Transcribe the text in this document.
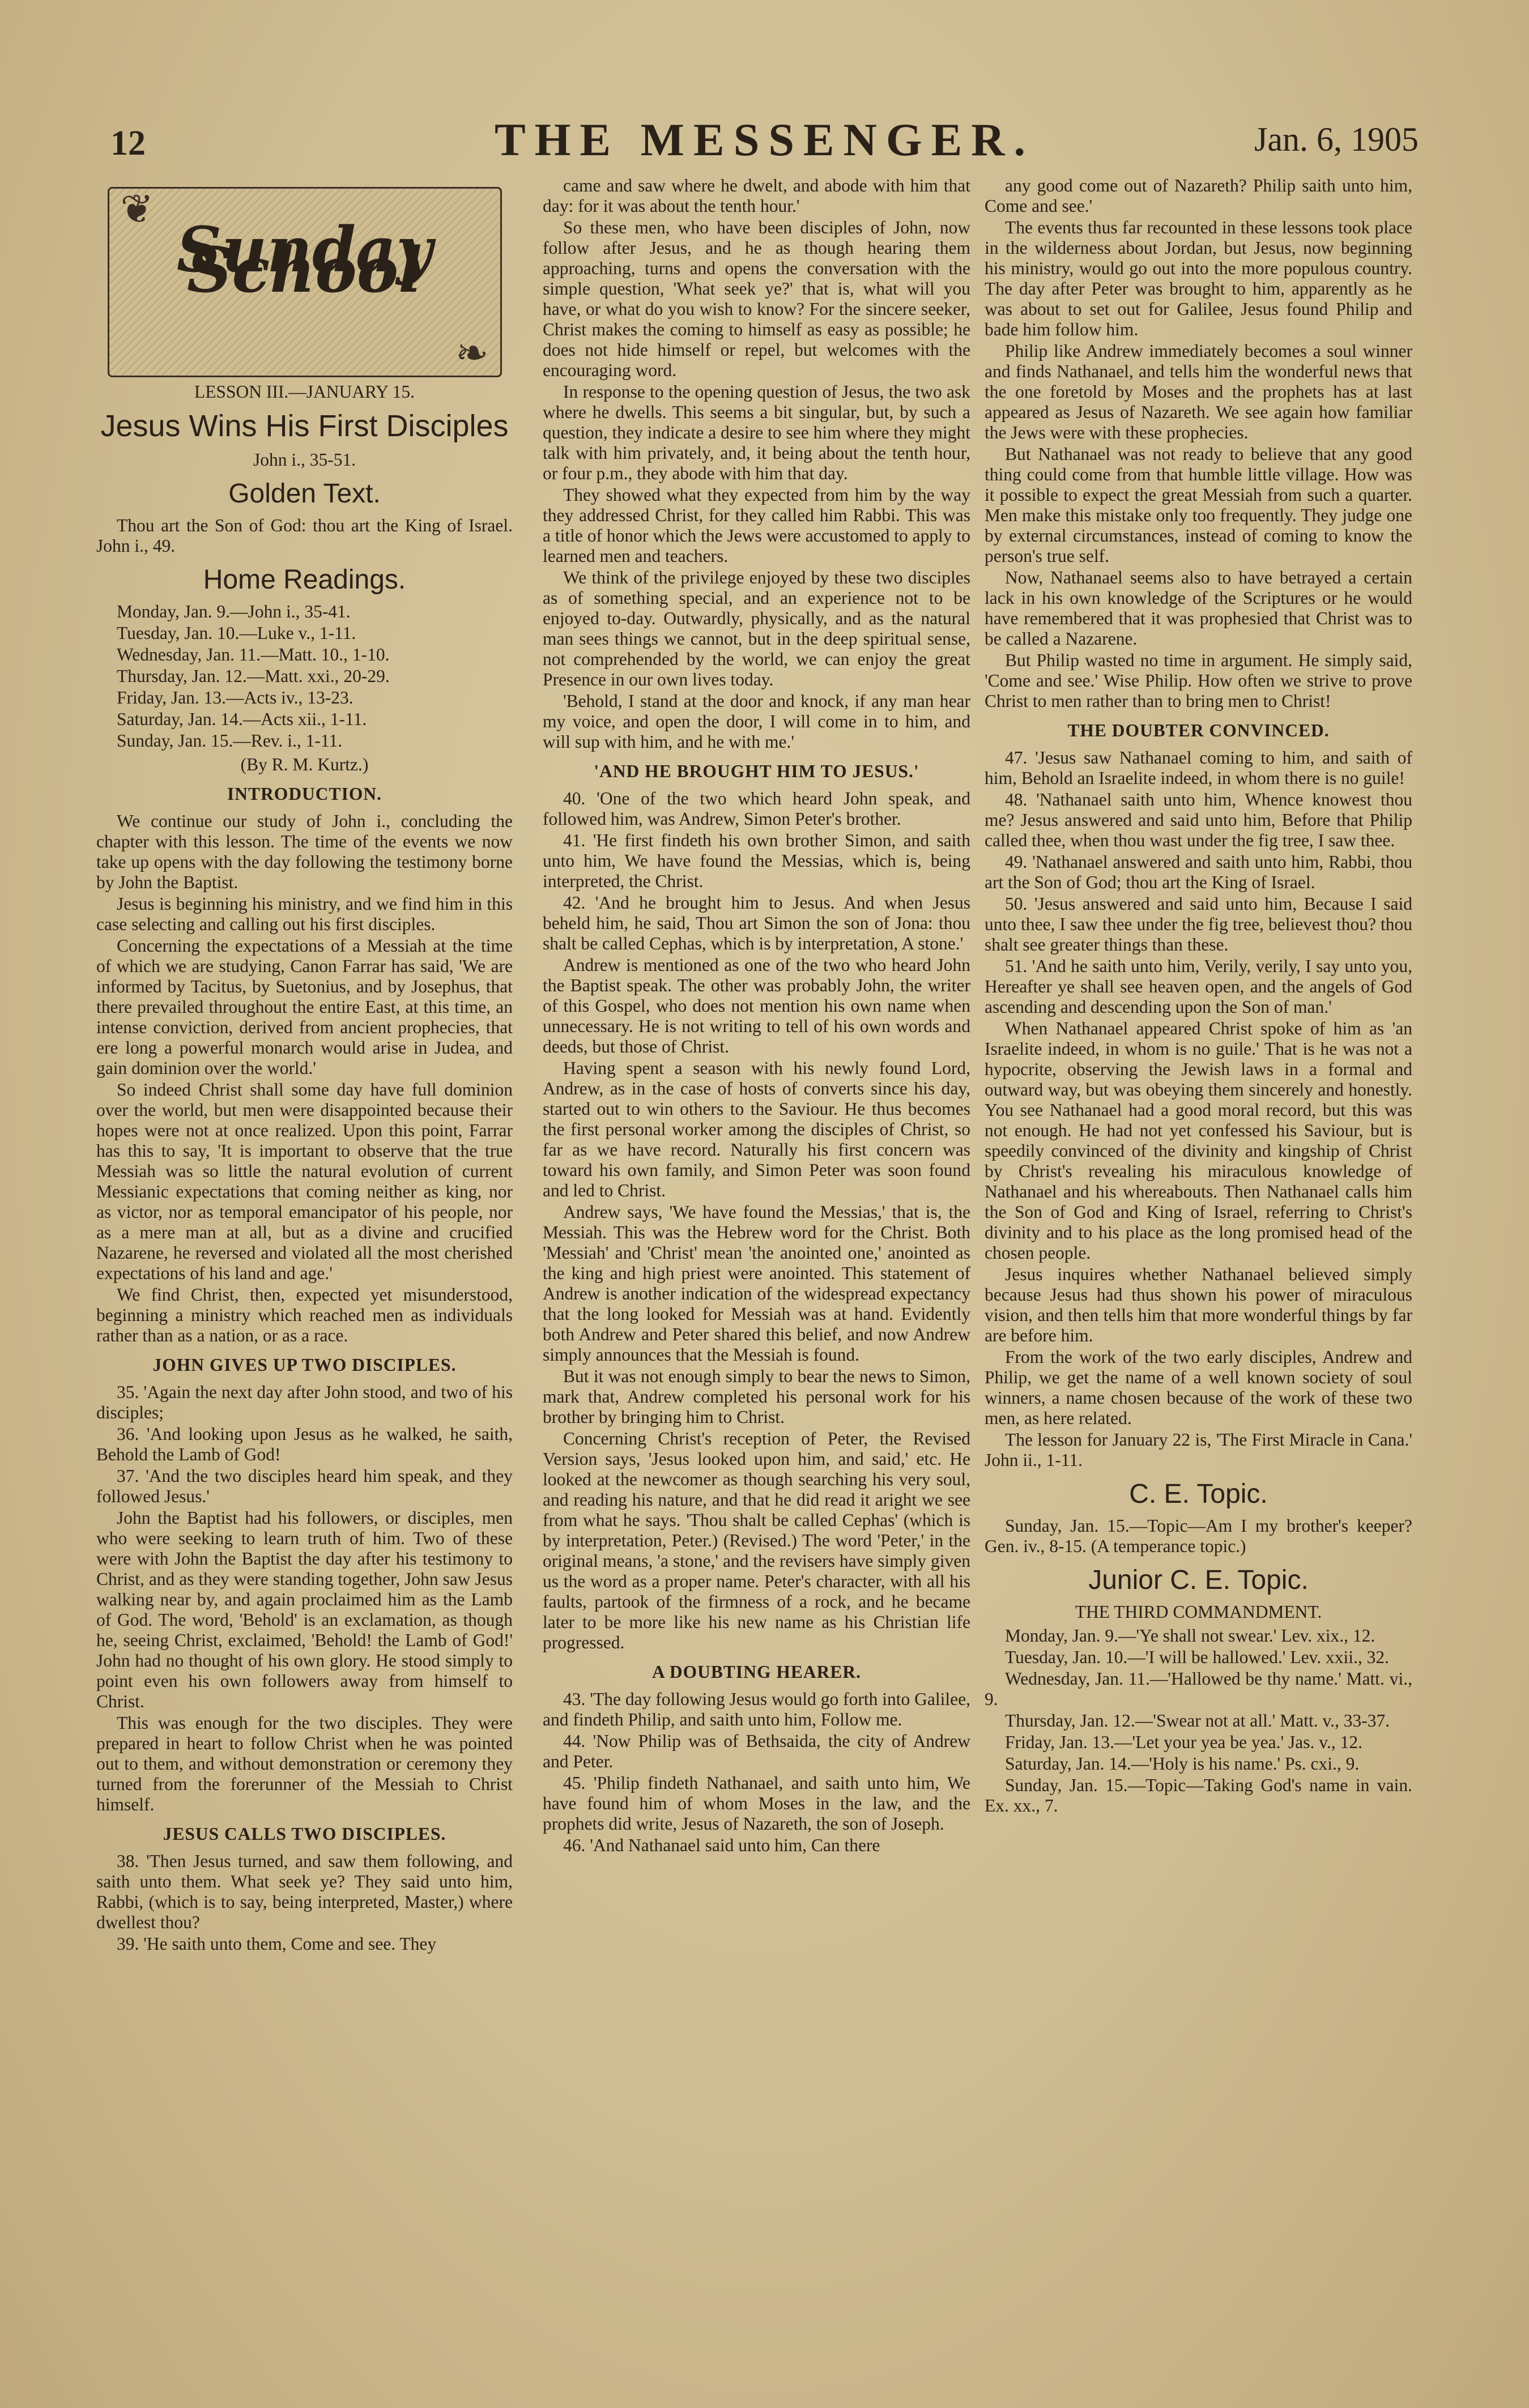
12	THE MESSENGER.	Jan. 6, 1905
❦
❧
Sunday School

LESSON III.—JANUARY 15.

Jesus Wins His First Disciples

John i., 35-51.

Golden Text.

Thou art the Son of God: thou art the King of Israel. John i., 49.

Home Readings.

Monday, Jan. 9.—John i., 35-41.

Tuesday, Jan. 10.—Luke v., 1-11.

Wednesday, Jan. 11.—Matt. 10., 1-10.

Thursday, Jan. 12.—Matt. xxi., 20-29.

Friday, Jan. 13.—Acts iv., 13-23.

Saturday, Jan. 14.—Acts xii., 1-11.

Sunday, Jan. 15.—Rev. i., 1-11.

(By R. M. Kurtz.)

INTRODUCTION.

We continue our study of John i., concluding the chapter with this lesson. The time of the events we now take up opens with the day following the testimony borne by John the Baptist.

Jesus is beginning his ministry, and we find him in this case selecting and calling out his first disciples.

Concerning the expectations of a Messiah at the time of which we are studying, Canon Farrar has said, 'We are informed by Tacitus, by Suetonius, and by Josephus, that there prevailed throughout the entire East, at this time, an intense conviction, derived from ancient prophecies, that ere long a powerful monarch would arise in Judea, and gain dominion over the world.'

So indeed Christ shall some day have full dominion over the world, but men were disappointed because their hopes were not at once realized. Upon this point, Farrar has this to say, 'It is important to observe that the true Messiah was so little the natural evolution of current Messianic expectations that coming neither as king, nor as victor, nor as temporal emancipator of his people, nor as a mere man at all, but as a divine and crucified Nazarene, he reversed and violated all the most cherished expectations of his land and age.'

We find Christ, then, expected yet misunderstood, beginning a ministry which reached men as individuals rather than as a nation, or as a race.

JOHN GIVES UP TWO DISCIPLES.

35. 'Again the next day after John stood, and two of his disciples;

36. 'And looking upon Jesus as he walked, he saith, Behold the Lamb of God!

37. 'And the two disciples heard him speak, and they followed Jesus.'

John the Baptist had his followers, or disciples, men who were seeking to learn truth of him. Two of these were with John the Baptist the day after his testimony to Christ, and as they were standing together, John saw Jesus walking near by, and again proclaimed him as the Lamb of God. The word, 'Behold' is an exclamation, as though he, seeing Christ, exclaimed, 'Behold! the Lamb of God!' John had no thought of his own glory. He stood simply to point even his own followers away from himself to Christ.

This was enough for the two disciples. They were prepared in heart to follow Christ when he was pointed out to them, and without demonstration or ceremony they turned from the forerunner of the Messiah to Christ himself.

JESUS CALLS TWO DISCIPLES.

38. 'Then Jesus turned, and saw them following, and saith unto them. What seek ye? They said unto him, Rabbi, (which is to say, being interpreted, Master,) where dwellest thou?

39. 'He saith unto them, Come and see. They

came and saw where he dwelt, and abode with him that day: for it was about the tenth hour.'

So these men, who have been disciples of John, now follow after Jesus, and he as though hearing them approaching, turns and opens the conversation with the simple question, 'What seek ye?' that is, what will you have, or what do you wish to know? For the sincere seeker, Christ makes the coming to himself as easy as possible; he does not hide himself or repel, but welcomes with the encouraging word.

In response to the opening question of Jesus, the two ask where he dwells. This seems a bit singular, but, by such a question, they indicate a desire to see him where they might talk with him privately, and, it being about the tenth hour, or four p.m., they abode with him that day.

They showed what they expected from him by the way they addressed Christ, for they called him Rabbi. This was a title of honor which the Jews were accustomed to apply to learned men and teachers.

We think of the privilege enjoyed by these two disciples as of something special, and an experience not to be enjoyed to-day. Outwardly, physically, and as the natural man sees things we cannot, but in the deep spiritual sense, not comprehended by the world, we can enjoy the great Presence in our own lives today.

'Behold, I stand at the door and knock, if any man hear my voice, and open the door, I will come in to him, and will sup with him, and he with me.'

'AND HE BROUGHT HIM TO JESUS.'

40. 'One of the two which heard John speak, and followed him, was Andrew, Simon Peter's brother.

41. 'He first findeth his own brother Simon, and saith unto him, We have found the Messias, which is, being interpreted, the Christ.

42. 'And he brought him to Jesus. And when Jesus beheld him, he said, Thou art Simon the son of Jona: thou shalt be called Cephas, which is by interpretation, A stone.'

Andrew is mentioned as one of the two who heard John the Baptist speak. The other was probably John, the writer of this Gospel, who does not mention his own name when unnecessary. He is not writing to tell of his own words and deeds, but those of Christ.

Having spent a season with his newly found Lord, Andrew, as in the case of hosts of converts since his day, started out to win others to the Saviour. He thus becomes the first personal worker among the disciples of Christ, so far as we have record. Naturally his first concern was toward his own family, and Simon Peter was soon found and led to Christ.

Andrew says, 'We have found the Messias,' that is, the Messiah. This was the Hebrew word for the Christ. Both 'Messiah' and 'Christ' mean 'the anointed one,' anointed as the king and high priest were anointed. This statement of Andrew is another indication of the widespread expectancy that the long looked for Messiah was at hand. Evidently both Andrew and Peter shared this belief, and now Andrew simply announces that the Messiah is found.

But it was not enough simply to bear the news to Simon, mark that, Andrew completed his personal work for his brother by bringing him to Christ.

Concerning Christ's reception of Peter, the Revised Version says, 'Jesus looked upon him, and said,' etc. He looked at the newcomer as though searching his very soul, and reading his nature, and that he did read it aright we see from what he says. 'Thou shalt be called Cephas' (which is by interpretation, Peter.) (Revised.) The word 'Peter,' in the original means, 'a stone,' and the revisers have simply given us the word as a proper name. Peter's character, with all his faults, partook of the firmness of a rock, and he became later to be more like his new name as his Christian life progressed.

A DOUBTING HEARER.

43. 'The day following Jesus would go forth into Galilee, and findeth Philip, and saith unto him, Follow me.

44. 'Now Philip was of Bethsaida, the city of Andrew and Peter.

45. 'Philip findeth Nathanael, and saith unto him, We have found him of whom Moses in the law, and the prophets did write, Jesus of Nazareth, the son of Joseph.

46. 'And Nathanael said unto him, Can there

any good come out of Nazareth? Philip saith unto him, Come and see.'

The events thus far recounted in these lessons took place in the wilderness about Jordan, but Jesus, now beginning his ministry, would go out into the more populous country. The day after Peter was brought to him, apparently as he was about to set out for Galilee, Jesus found Philip and bade him follow him.

Philip like Andrew immediately becomes a soul winner and finds Nathanael, and tells him the wonderful news that the one foretold by Moses and the prophets has at last appeared as Jesus of Nazareth. We see again how familiar the Jews were with these prophecies.

But Nathanael was not ready to believe that any good thing could come from that humble little village. How was it possible to expect the great Messiah from such a quarter. Men make this mistake only too frequently. They judge one by external circumstances, instead of coming to know the person's true self.

Now, Nathanael seems also to have betrayed a certain lack in his own knowledge of the Scriptures or he would have remembered that it was prophesied that Christ was to be called a Nazarene.

But Philip wasted no time in argument. He simply said, 'Come and see.' Wise Philip. How often we strive to prove Christ to men rather than to bring men to Christ!

THE DOUBTER CONVINCED.

47. 'Jesus saw Nathanael coming to him, and saith of him, Behold an Israelite indeed, in whom there is no guile!

48. 'Nathanael saith unto him, Whence knowest thou me? Jesus answered and said unto him, Before that Philip called thee, when thou wast under the fig tree, I saw thee.

49. 'Nathanael answered and saith unto him, Rabbi, thou art the Son of God; thou art the King of Israel.

50. 'Jesus answered and said unto him, Because I said unto thee, I saw thee under the fig tree, believest thou? thou shalt see greater things than these.

51. 'And he saith unto him, Verily, verily, I say unto you, Hereafter ye shall see heaven open, and the angels of God ascending and descending upon the Son of man.'

When Nathanael appeared Christ spoke of him as 'an Israelite indeed, in whom is no guile.' That is he was not a hypocrite, observing the Jewish laws in a formal and outward way, but was obeying them sincerely and honestly. You see Nathanael had a good moral record, but this was not enough. He had not yet confessed his Saviour, but is speedily convinced of the divinity and kingship of Christ by Christ's revealing his miraculous knowledge of Nathanael and his whereabouts. Then Nathanael calls him the Son of God and King of Israel, referring to Christ's divinity and to his place as the long promised head of the chosen people.

Jesus inquires whether Nathanael believed simply because Jesus had thus shown his power of miraculous vision, and then tells him that more wonderful things by far are before him.

From the work of the two early disciples, Andrew and Philip, we get the name of a well known society of soul winners, a name chosen because of the work of these two men, as here related.

The lesson for January 22 is, 'The First Miracle in Cana.' John ii., 1-11.

C. E. Topic.

Sunday, Jan. 15.—Topic—Am I my brother's keeper? Gen. iv., 8-15. (A temperance topic.)

Junior C. E. Topic.

THE THIRD COMMANDMENT.

Monday, Jan. 9.—'Ye shall not swear.' Lev. xix., 12.

Tuesday, Jan. 10.—'I will be hallowed.' Lev. xxii., 32.

Wednesday, Jan. 11.—'Hallowed be thy name.' Matt. vi., 9.

Thursday, Jan. 12.—'Swear not at all.' Matt. v., 33-37.

Friday, Jan. 13.—'Let your yea be yea.' Jas. v., 12.

Saturday, Jan. 14.—'Holy is his name.' Ps. cxi., 9.

Sunday, Jan. 15.—Topic—Taking God's name in vain. Ex. xx., 7.
